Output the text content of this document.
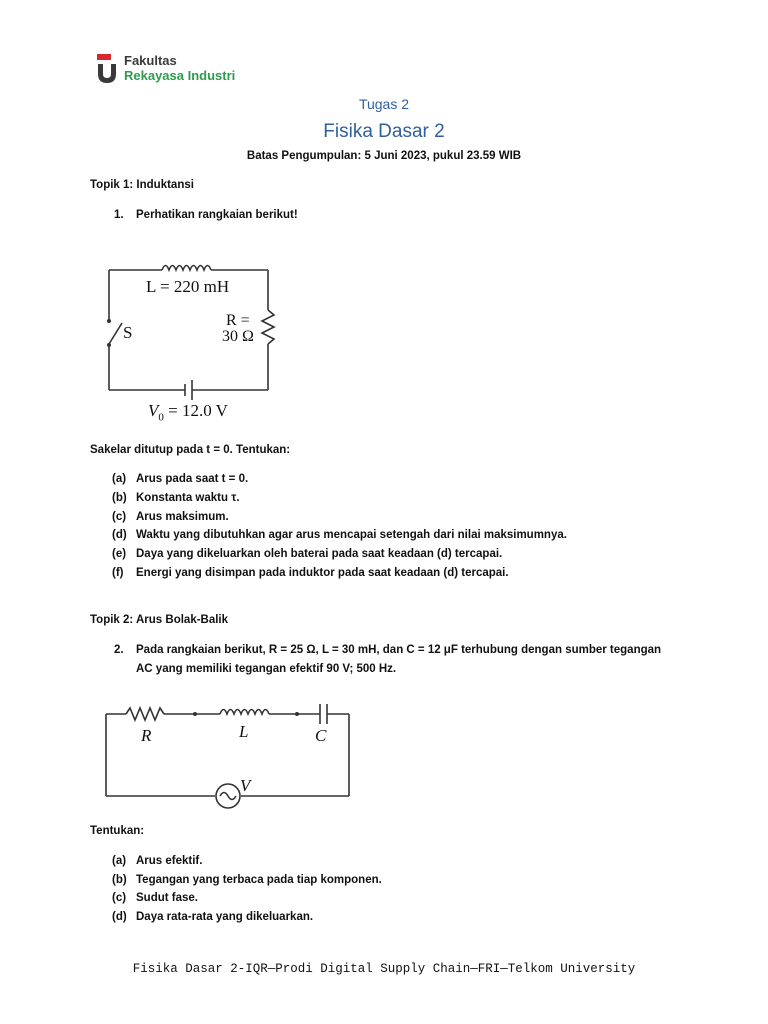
Fakultas
Rekayasa Industri
Tugas 2
Fisika Dasar 2
Batas Pengumpulan: 5 Juni 2023, pukul 23.59 WIB
Topik 1: Induktansi
1. Perhatikan rangkaian berikut!
L = 220 mH
R =
30 Ω
S
$V_0 = 12.0$ V
Sakelar ditutup pada t = 0. Tentukan:
(a) Arus pada saat t = 0.
(b) Konstanta waktu τ.
(c) Arus maksimum.
(d) Waktu yang dibutuhkan agar arus mencapai setengah dari nilai maksimumnya.
(e) Daya yang dikeluarkan oleh baterai pada saat keadaan (d) tercapai.
(f) Energi yang disimpan pada induktor pada saat keadaan (d) tercapai.
Topik 2: Arus Bolak-Balik
2. Pada rangkaian berikut, R = 25 Ω, L = 30 mH, dan C = 12 μF terhubung dengan sumber tegangan
AC yang memiliki tegangan efektif 90 V; 500 Hz.
R	L	C
V
Tentukan:
(a) Arus efektif.
(b) Tegangan yang terbaca pada tiap komponen.
(c) Sudut fase.
(d) Daya rata-rata yang dikeluarkan.
Fisika Dasar 2-IQR—Prodi Digital Supply Chain—FRI—Telkom University
